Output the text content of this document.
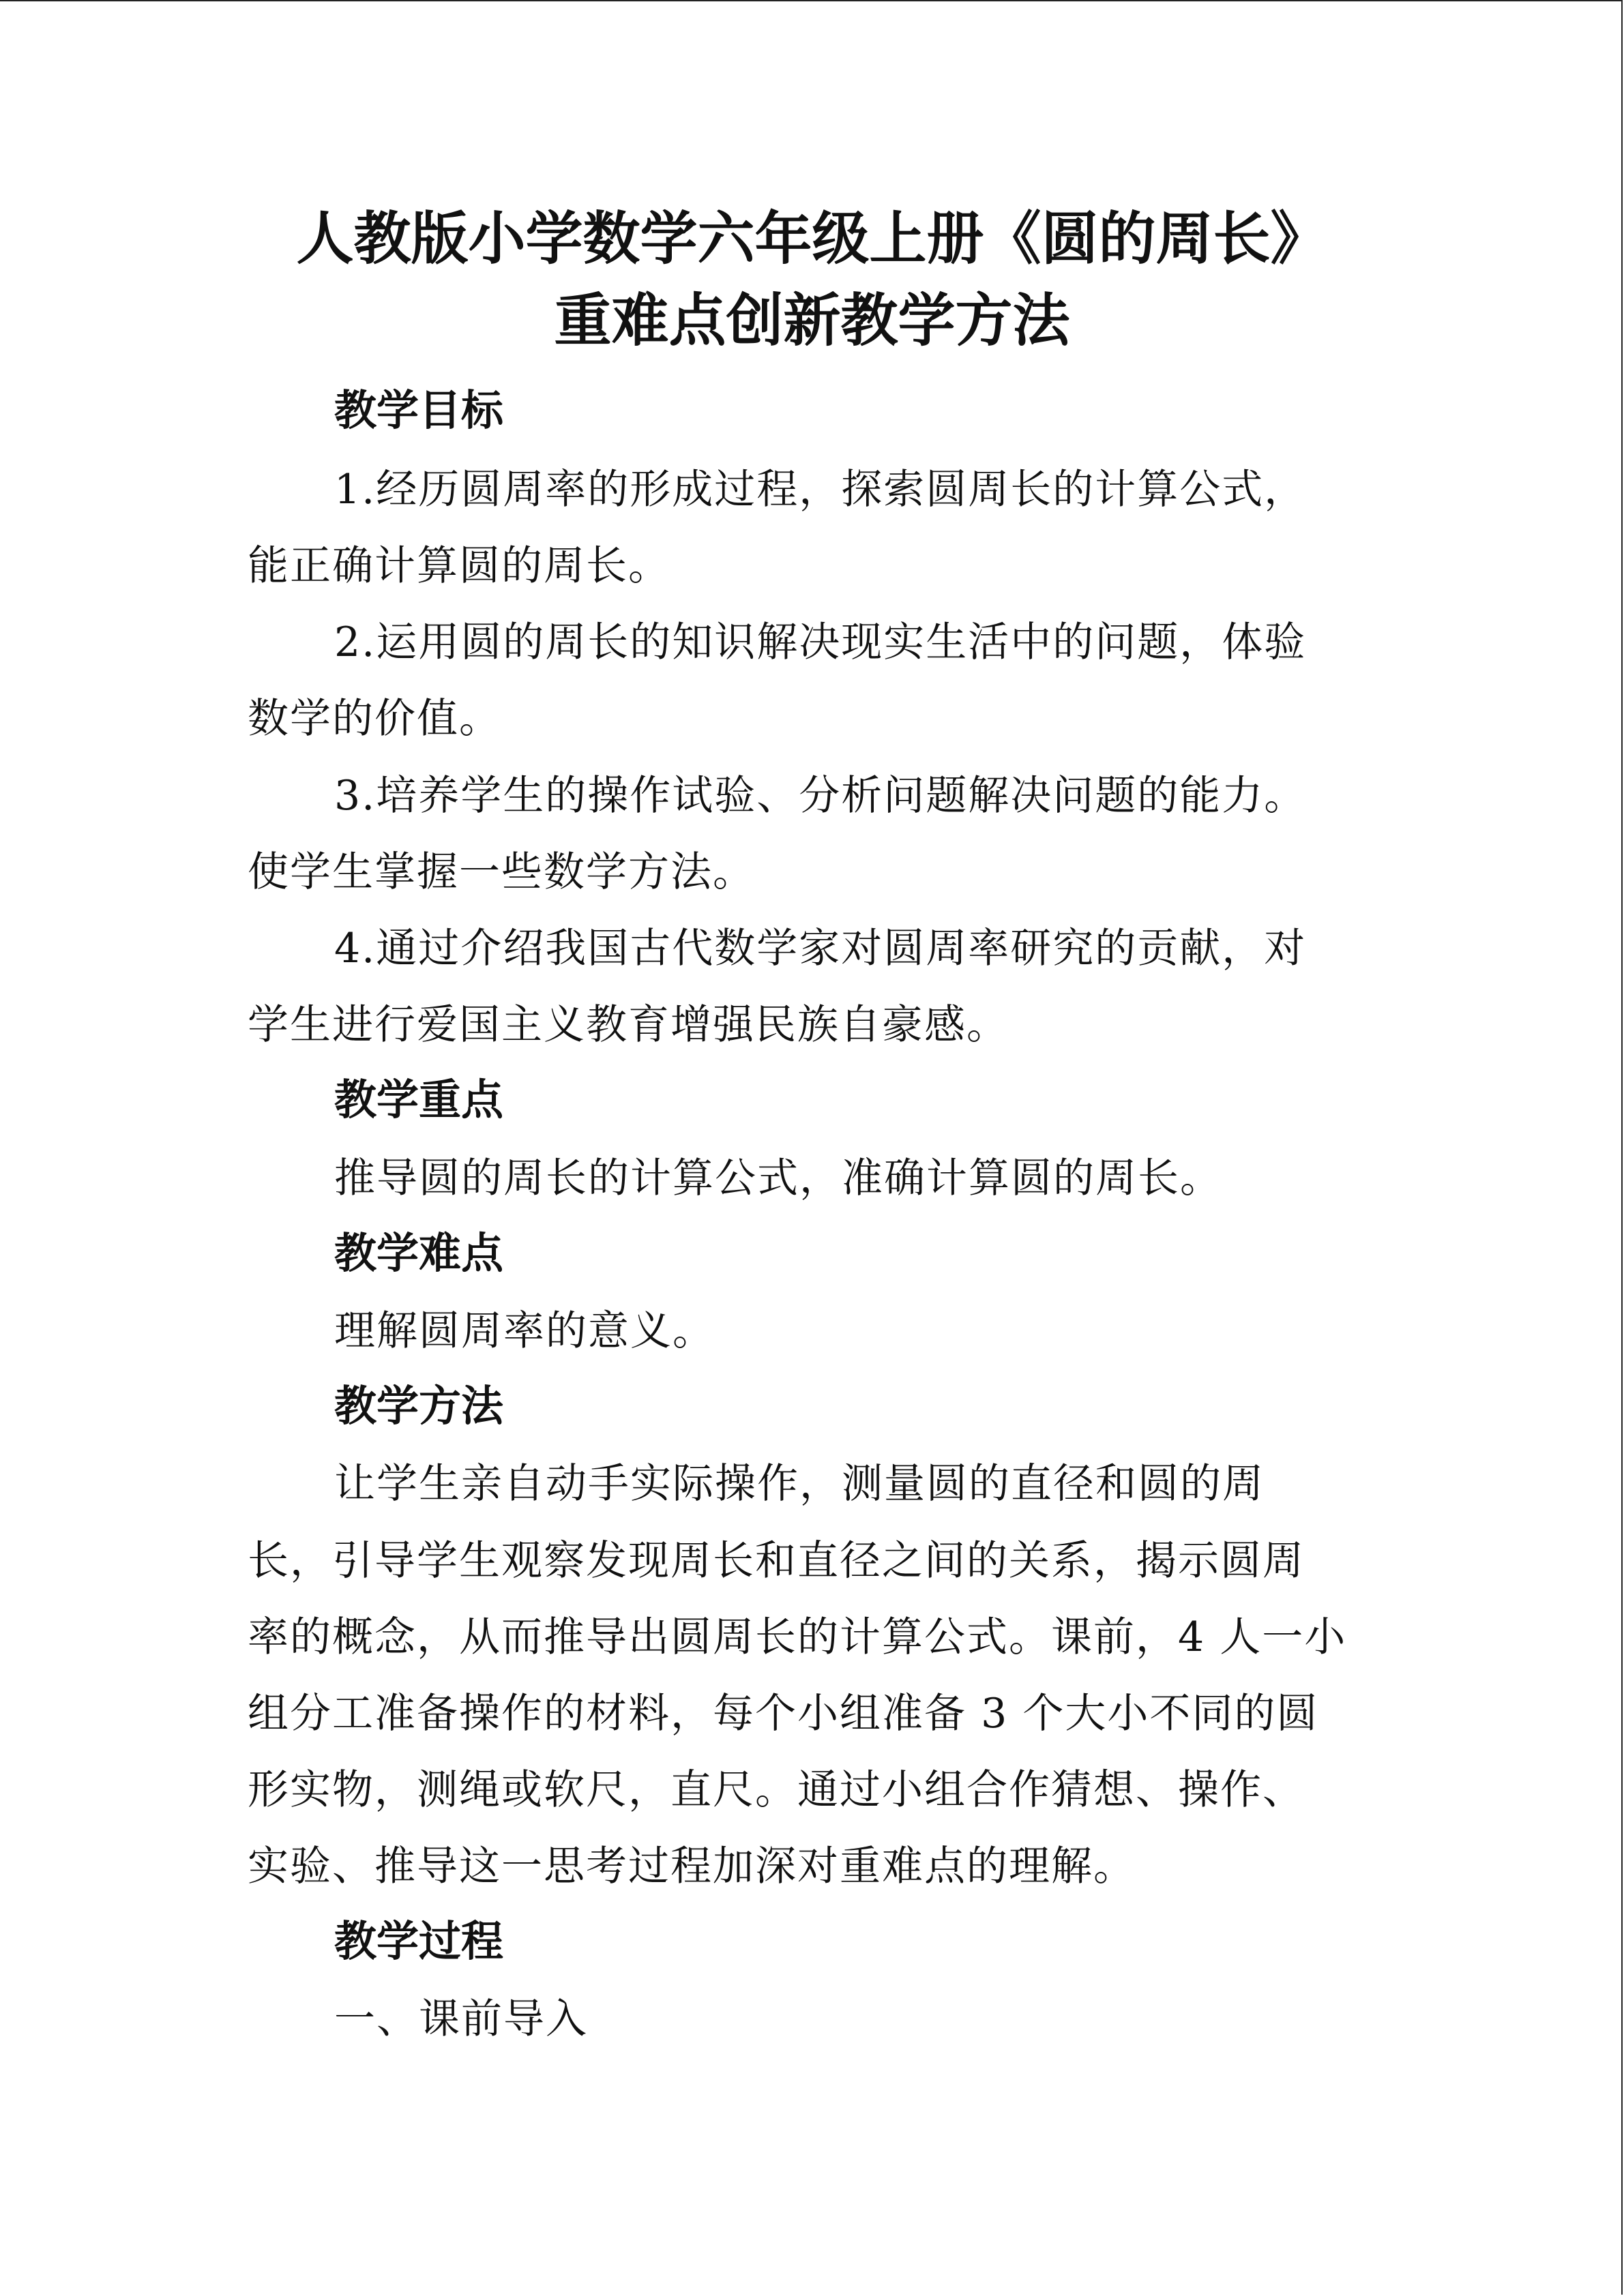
人教版小学数学六年级上册《圆的周长》
重难点创新教学方法
教学目标
1.经历圆周率的形成过程，探索圆周长的计算公式，
能正确计算圆的周长。
2.运用圆的周长的知识解决现实生活中的问题，体验
数学的价值。
3.培养学生的操作试验、分析问题解决问题的能力。
使学生掌握一些数学方法。
4.通过介绍我国古代数学家对圆周率研究的贡献，对
学生进行爱国主义教育增强民族自豪感。
教学重点
推导圆的周长的计算公式，准确计算圆的周长。
教学难点
理解圆周率的意义。
教学方法
让学生亲自动手实际操作，测量圆的直径和圆的周
长，引导学生观察发现周长和直径之间的关系，揭示圆周
率的概念，从而推导出圆周长的计算公式。课前，4 人一小
组分工准备操作的材料，每个小组准备 3 个大小不同的圆
形实物，测绳或软尺，直尺。通过小组合作猜想、操作、
实验、推导这一思考过程加深对重难点的理解。
教学过程
一、课前导入
